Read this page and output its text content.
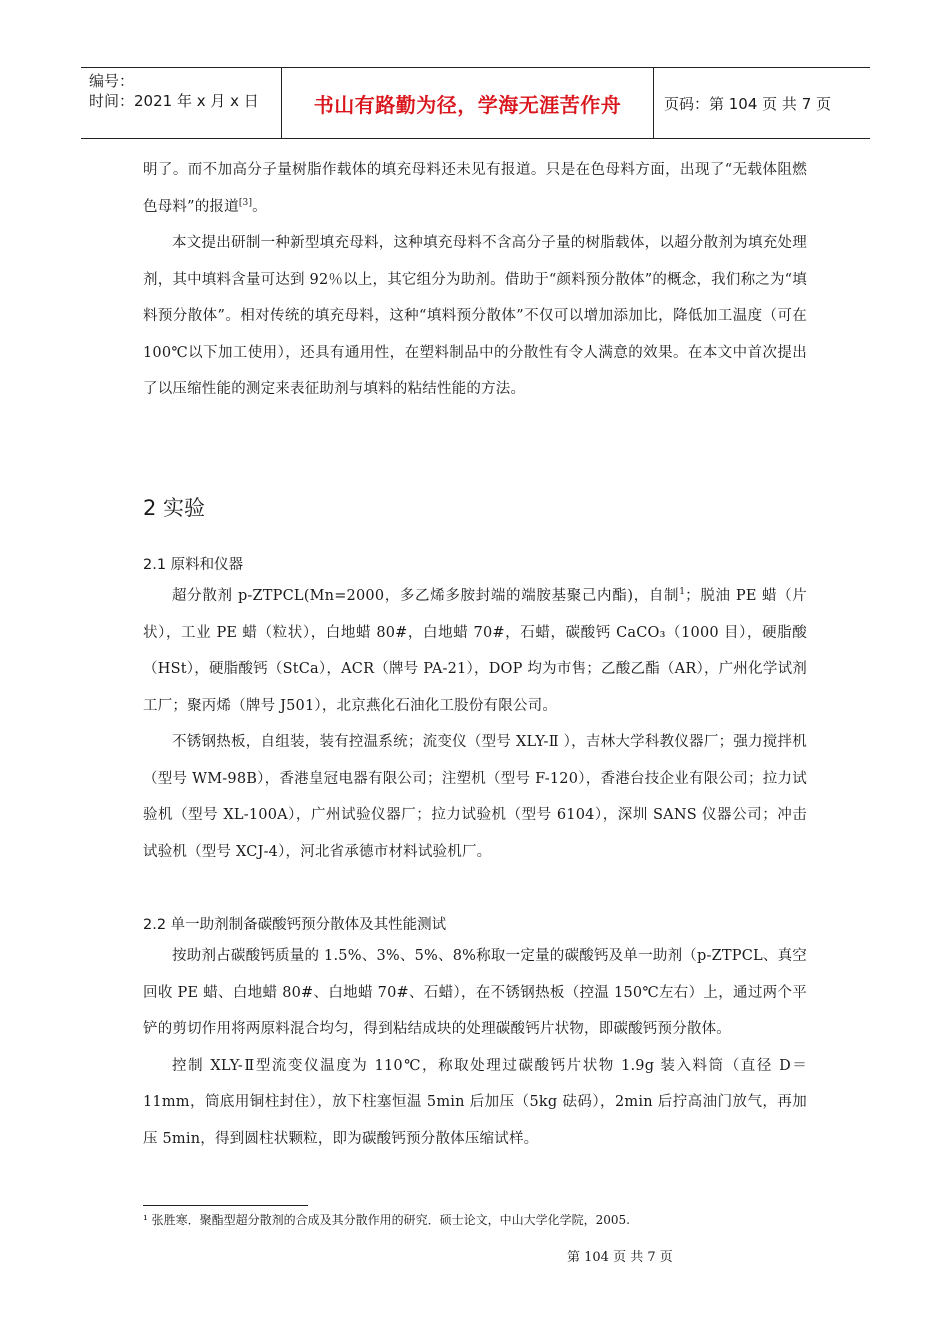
编号：
时间：2021 年 x 月 x 日	书山有路勤为径，学海无涯苦作舟	页码：第 104 页 共 7 页

明了。而不加高分子量树脂作载体的填充母料还未见有报道。只是在色母料方面，出现了“无载体阻燃色母料”的报道[3]。

本文提出研制一种新型填充母料，这种填充母料不含高分子量的树脂载体，以超分散剂为填充处理剂，其中填料含量可达到 92％以上，其它组分为助剂。借助于“颜料预分散体”的概念，我们称之为“填料预分散体”。相对传统的填充母料，这种“填料预分散体”不仅可以增加添加比，降低加工温度（可在 100℃以下加工使用），还具有通用性，在塑料制品中的分散性有令人满意的效果。在本文中首次提出了以压缩性能的测定来表征助剂与填料的粘结性能的方法。

2 实验
2.1 原料和仪器

超分散剂 p-ZTPCL(Mn=2000，多乙烯多胺封端的端胺基聚己内酯)，自制$^1$；脱油 PE 蜡（片状），工业 PE 蜡（粒状），白地蜡 80#，白地蜡 70#，石蜡，碳酸钙 CaCO₃（1000 目），硬脂酸（HSt），硬脂酸钙（StCa），ACR（牌号 PA-21），DOP 均为市售；乙酸乙酯（AR），广州化学试剂工厂；聚丙烯（牌号 J501），北京燕化石油化工股份有限公司。

不锈钢热板，自组装，装有控温系统；流变仪（型号 XLY-Ⅱ ），吉林大学科教仪器厂；强力搅拌机 （型号 WM-98B），香港皇冠电器有限公司；注塑机（型号 F-120），香港台技企业有限公司；拉力试验机（型号 XL-100A），广州试验仪器厂；拉力试验机（型号 6104），深圳 SANS 仪器公司；冲击试验机（型号 XCJ-4），河北省承德市材料试验机厂。

2.2 单一助剂制备碳酸钙预分散体及其性能测试

按助剂占碳酸钙质量的 1.5%、3%、5%、8%称取一定量的碳酸钙及单一助剂（p-ZTPCL、真空回收 PE 蜡、白地蜡 80#、白地蜡 70#、石蜡），在不锈钢热板（控温 150℃左右）上，通过两个平铲的剪切作用将两原料混合均匀，得到粘结成块的处理碳酸钙片状物，即碳酸钙预分散体。

控制 XLY-Ⅱ型流变仪温度为 110℃，称取处理过碳酸钙片状物 1.9g 装入料筒（直径 D＝11mm，筒底用铜柱封住），放下柱塞恒温 5min 后加压（5kg 砝码），2min 后拧高油门放气，再加压 5min，得到圆柱状颗粒，即为碳酸钙预分散体压缩试样。

¹ 张胜寒．聚酯型超分散剂的合成及其分散作用的研究．硕士论文，中山大学化学院，2005.
第 104 页 共 7 页
